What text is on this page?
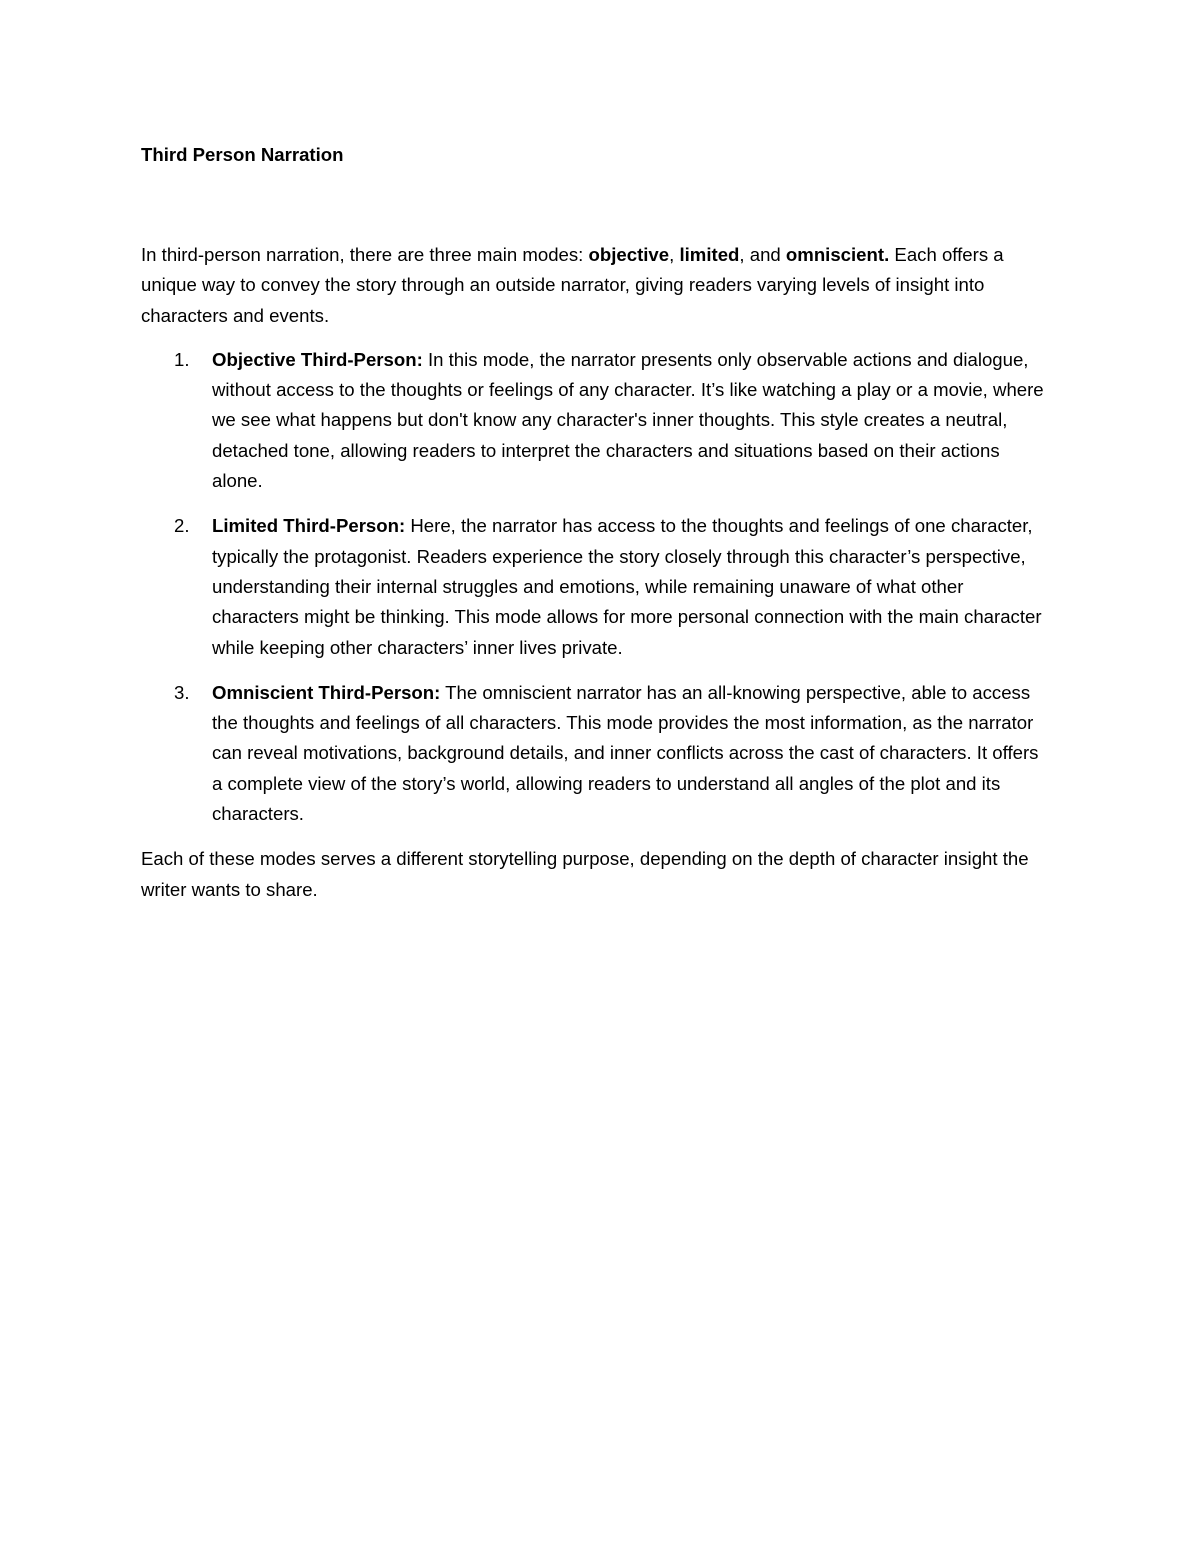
Third Person Narration

In third-person narration, there are three main modes: objective, limited, and omniscient. Each offers a unique way to convey the story through an outside narrator, giving readers varying levels of insight into characters and events.

1. Objective Third-Person: In this mode, the narrator presents only observable actions and dialogue, without access to the thoughts or feelings of any character. It’s like watching a play or a movie, where we see what happens but don't know any character's inner thoughts. This style creates a neutral, detached tone, allowing readers to interpret the characters and situations based on their actions alone.
2. Limited Third-Person: Here, the narrator has access to the thoughts and feelings of one character, typically the protagonist. Readers experience the story closely through this character’s perspective, understanding their internal struggles and emotions, while remaining unaware of what other characters might be thinking. This mode allows for more personal connection with the main character while keeping other characters’ inner lives private.
3. Omniscient Third-Person: The omniscient narrator has an all-knowing perspective, able to access the thoughts and feelings of all characters. This mode provides the most information, as the narrator can reveal motivations, background details, and inner conflicts across the cast of characters. It offers a complete view of the story’s world, allowing readers to understand all angles of the plot and its characters.

Each of these modes serves a different storytelling purpose, depending on the depth of character insight the writer wants to share.
